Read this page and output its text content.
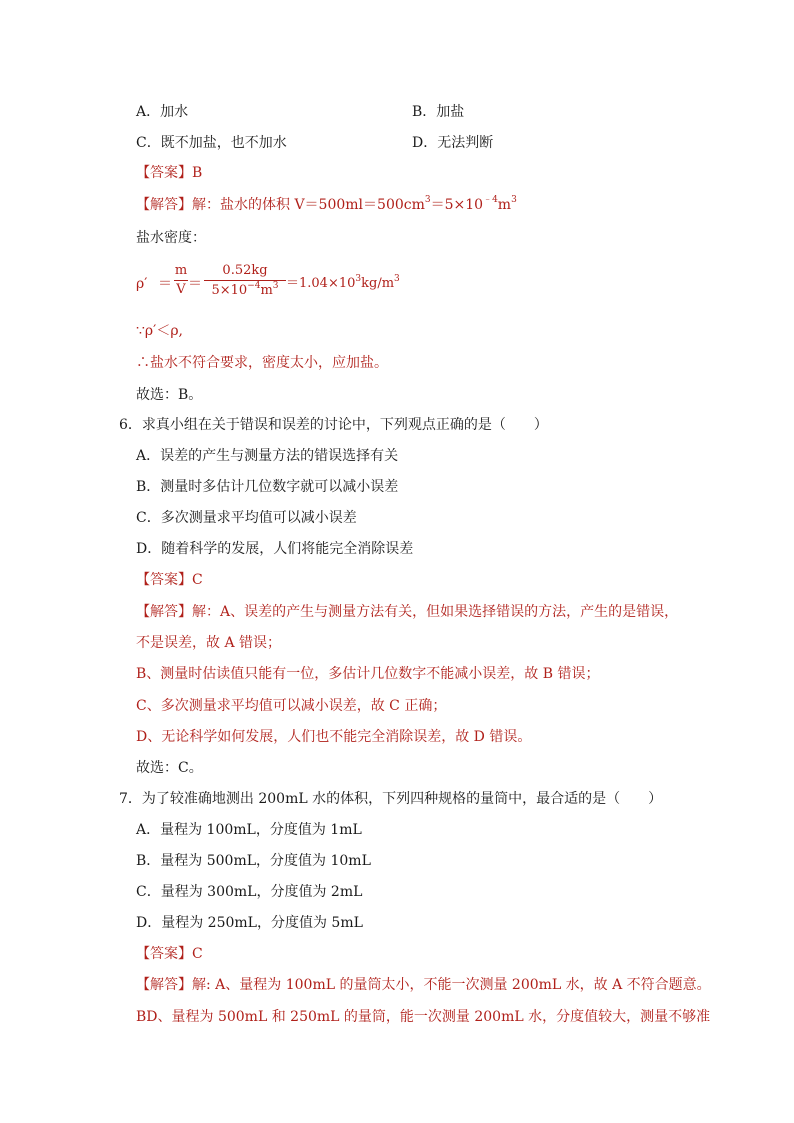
A．加水	B．加盐
C．既不加盐，也不加水	D．无法判断
【答案】B
【解答】解：盐水的体积 $V=500ml=500cm^3=5\times 10^{﹣4}m^3$
盐水密度：
ρ′ ＝
m
V ＝
0.52kg
$5\times 10^{-4}m^3 =1.04\times 10^3kg/m^3$
∵ρ′＜ρ,
∴盐水不符合要求，密度太小，应加盐。
故选：B。
6．求真小组在关于错误和误差的讨论中，下列观点正确的是（　　）
A．误差的产生与测量方法的错误选择有关
B．测量时多估计几位数字就可以减小误差
C．多次测量求平均值可以减小误差
D．随着科学的发展，人们将能完全消除误差
【答案】C
【解答】解：A、误差的产生与测量方法有关，但如果选择错误的方法，产生的是错误，
不是误差，故 A 错误；
B、测量时估读值只能有一位，多估计几位数字不能减小误差，故 B 错误；
C、多次测量求平均值可以减小误差，故 C 正确；
D、无论科学如何发展，人们也不能完全消除误差，故 D 错误。
故选：C。
7．为了较准确地测出 200mL 水的体积，下列四种规格的量筒中，最合适的是（　　）
A．量程为 100mL，分度值为 1mL
B．量程为 500mL，分度值为 10mL
C．量程为 300mL，分度值为 2mL
D．量程为 250mL，分度值为 5mL
【答案】C
【解答】解: A、量程为 100mL 的量筒太小，不能一次测量 200mL 水，故 A 不符合题意。
BD、量程为 500mL 和 250mL 的量筒，能一次测量 200mL 水，分度值较大，测量不够准
